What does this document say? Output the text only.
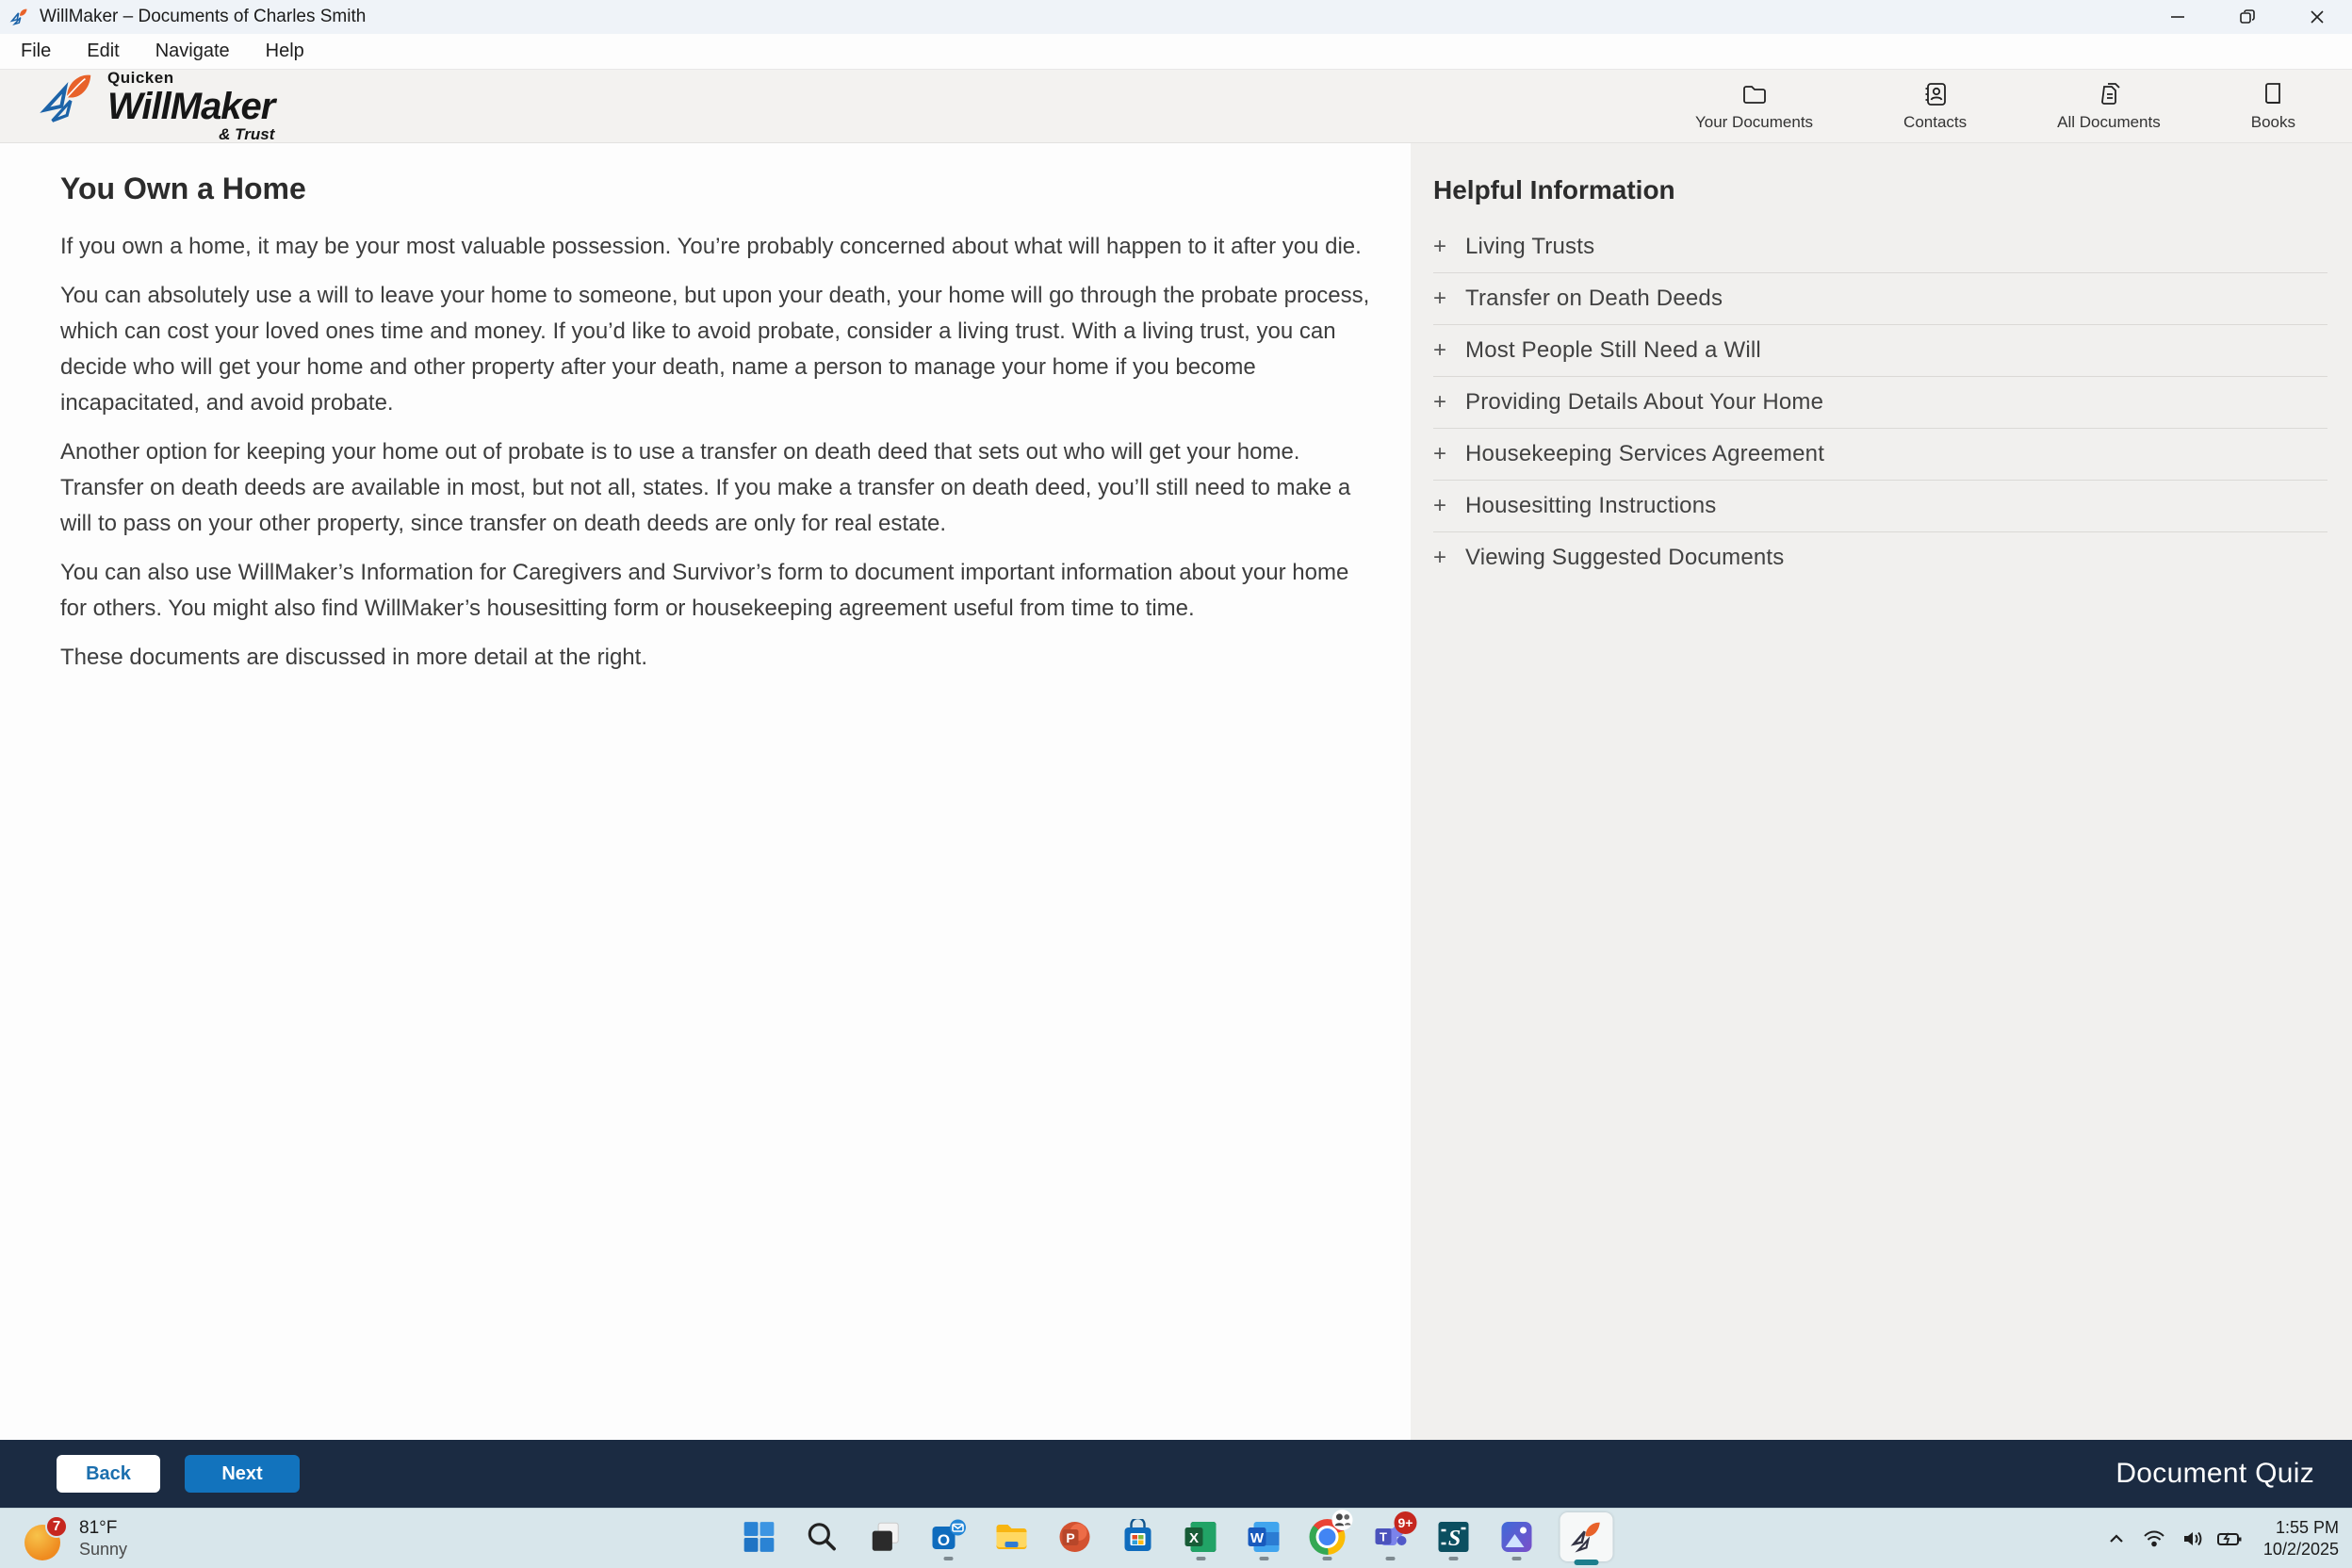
WillMaker – Documents of Charles Smith
File Edit Navigate Help
Quicken
WillMaker
& Trust
Your Documents	Contacts	All Documents	Books
You Own a Home

If you own a home, it may be your most valuable possession. You’re probably concerned about what will happen to it after you die.

You can absolutely use a will to leave your home to someone, but upon your death, your home will go through the probate process, which can cost your loved ones time and money. If you’d like to avoid probate, consider a living trust. With a living trust, you can decide who will get your home and other property after your death, name a person to manage your home if you become incapacitated, and avoid probate.

Another option for keeping your home out of probate is to use a transfer on death deed that sets out who will get your home. Transfer on death deeds are available in most, but not all, states. If you make a transfer on death deed, you’ll still need to make a will to pass on your other property, since transfer on death deeds are only for real estate.

You can also use WillMaker’s Information for Caregivers and Survivor’s form to document important information about your home for others. You might also find WillMaker’s housesitting form or housekeeping agreement useful from time to time.

These documents are discussed in more detail at the right.

Helpful Information
+ Living Trusts
+ Transfer on Death Deeds
+ Most People Still Need a Will
+ Providing Details About Your Home
+ Housekeeping Services Agreement
+ Housesitting Instructions
+ Viewing Suggested Documents
Back	Next	Document Quiz
7	81°F
Sunny	O	P	X	W	T
9+
S	1:55 PM
10/2/2025
